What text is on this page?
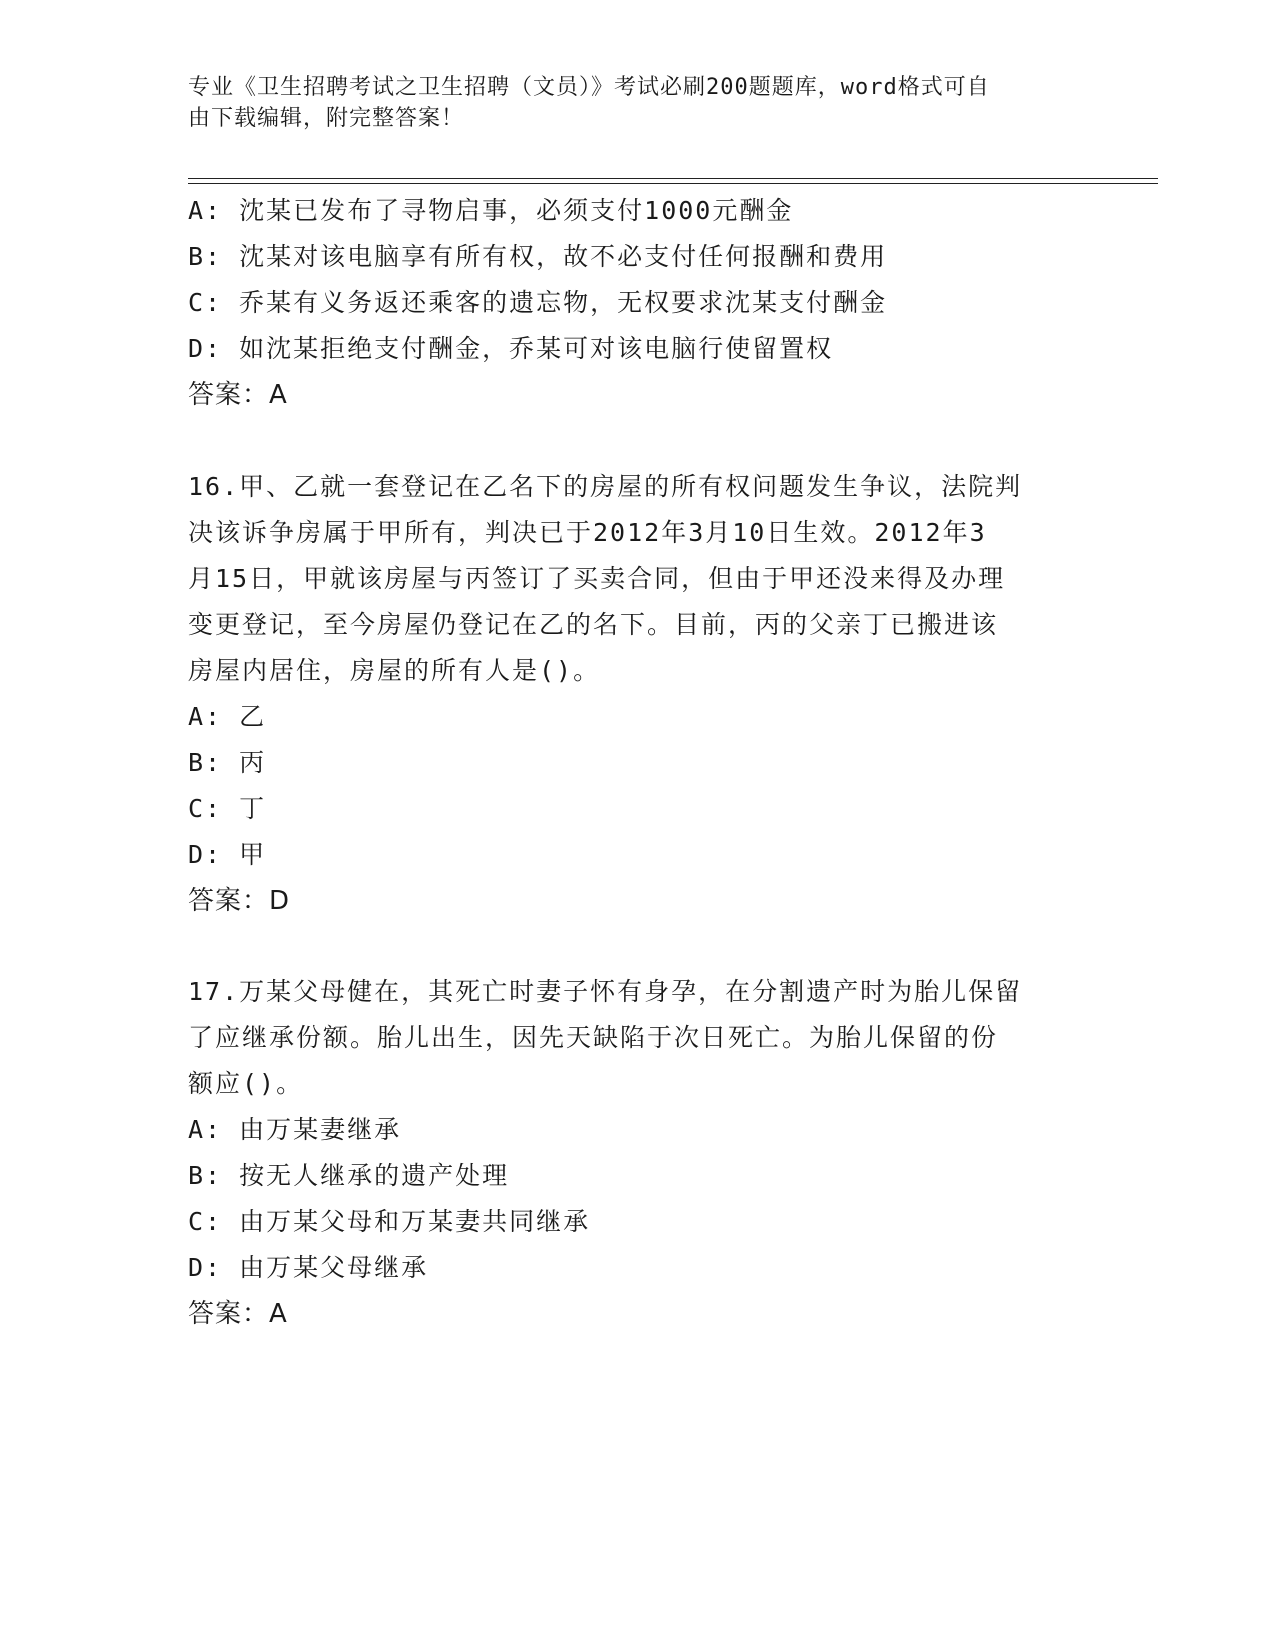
专业《卫生招聘考试之卫生招聘（文员）》考试必刷200题题库，word格式可自
由下载编辑，附完整答案！
A: 沈某已发布了寻物启事，必须支付1000元酬金
B: 沈某对该电脑享有所有权，故不必支付任何报酬和费用
C: 乔某有义务返还乘客的遗忘物，无权要求沈某支付酬金
D: 如沈某拒绝支付酬金，乔某可对该电脑行使留置权
答案：A
16.甲、乙就一套登记在乙名下的房屋的所有权问题发生争议，法院判
决该诉争房属于甲所有，判决已于2012年3月10日生效。2012年3
月15日，甲就该房屋与丙签订了买卖合同，但由于甲还没来得及办理
变更登记，至今房屋仍登记在乙的名下。目前，丙的父亲丁已搬进该
房屋内居住，房屋的所有人是()。
A: 乙
B: 丙
C: 丁
D: 甲
答案：D
17.万某父母健在，其死亡时妻子怀有身孕，在分割遗产时为胎儿保留
了应继承份额。胎儿出生，因先天缺陷于次日死亡。为胎儿保留的份
额应()。
A: 由万某妻继承
B: 按无人继承的遗产处理
C: 由万某父母和万某妻共同继承
D: 由万某父母继承
答案：A
